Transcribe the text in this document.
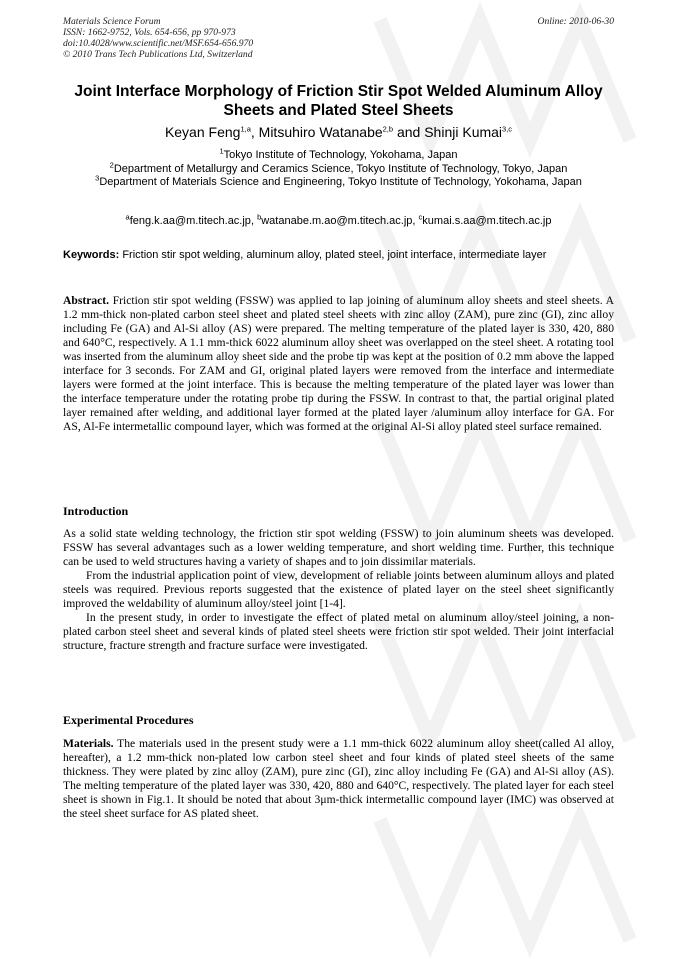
Materials Science Forum
ISSN: 1662-9752, Vols. 654-656, pp 970-973
doi:10.4028/www.scientific.net/MSF.654-656.970
© 2010 Trans Tech Publications Ltd, Switzerland
Online: 2010-06-30
Joint Interface Morphology of Friction Stir Spot Welded Aluminum Alloy Sheets and Plated Steel Sheets
Keyan Feng$^{1,a}$, Mitsuhiro Watanabe$^{2,b}$ and Shinji Kumai$^{3,c}$
$^1$Tokyo Institute of Technology, Yokohama, Japan
$^2$Department of Metallurgy and Ceramics Science, Tokyo Institute of Technology, Tokyo, Japan
$^3$Department of Materials Science and Engineering, Tokyo Institute of Technology, Yokohama, Japan
$^a$feng.k.aa@m.titech.ac.jp, $^b$watanabe.m.ao@m.titech.ac.jp, $^c$kumai.s.aa@m.titech.ac.jp
Keywords: Friction stir spot welding, aluminum alloy, plated steel, joint interface, intermediate layer

Abstract. Friction stir spot welding (FSSW) was applied to lap joining of aluminum alloy sheets and steel sheets. A 1.2 mm-thick non-plated carbon steel sheet and plated steel sheets with zinc alloy (ZAM), pure zinc (GI), zinc alloy including Fe (GA) and Al-Si alloy (AS) were prepared. The melting temperature of the plated layer is 330, 420, 880 and 640°C, respectively. A 1.1 mm-thick 6022 aluminum alloy sheet was overlapped on the steel sheet. A rotating tool was inserted from the aluminum alloy sheet side and the probe tip was kept at the position of 0.2 mm above the lapped interface for 3 seconds. For ZAM and GI, original plated layers were removed from the interface and intermediate layers were formed at the joint interface. This is because the melting temperature of the plated layer was lower than the interface temperature under the rotating probe tip during the FSSW. In contrast to that, the partial original plated layer remained after welding, and additional layer formed at the plated layer /aluminum alloy interface for GA. For AS, Al-Fe intermetallic compound layer, which was formed at the original Al-Si alloy plated steel surface remained.

Introduction

As a solid state welding technology, the friction stir spot welding (FSSW) to join aluminum sheets was developed. FSSW has several advantages such as a lower welding temperature, and short welding time. Further, this technique can be used to weld structures having a variety of shapes and to join dissimilar materials.

From the industrial application point of view, development of reliable joints between aluminum alloys and plated steels was required. Previous reports suggested that the existence of plated layer on the steel sheet significantly improved the weldability of aluminum alloy/steel joint [1-4].

In the present study, in order to investigate the effect of plated metal on aluminum alloy/steel joining, a non-plated carbon steel sheet and several kinds of plated steel sheets were friction stir spot welded. Their joint interfacial structure, fracture strength and fracture surface were investigated.

Experimental Procedures

Materials. The materials used in the present study were a 1.1 mm-thick 6022 aluminum alloy sheet(called Al alloy, hereafter), a 1.2 mm-thick non-plated low carbon steel sheet and four kinds of plated steel sheets of the same thickness. They were plated by zinc alloy (ZAM), pure zinc (GI), zinc alloy including Fe (GA) and Al-Si alloy (AS). The melting temperature of the plated layer was 330, 420, 880 and 640°C, respectively. The plated layer for each steel sheet is shown in Fig.1. It should be noted that about 3μm-thick intermetallic compound layer (IMC) was observed at the steel sheet surface for AS plated sheet.
